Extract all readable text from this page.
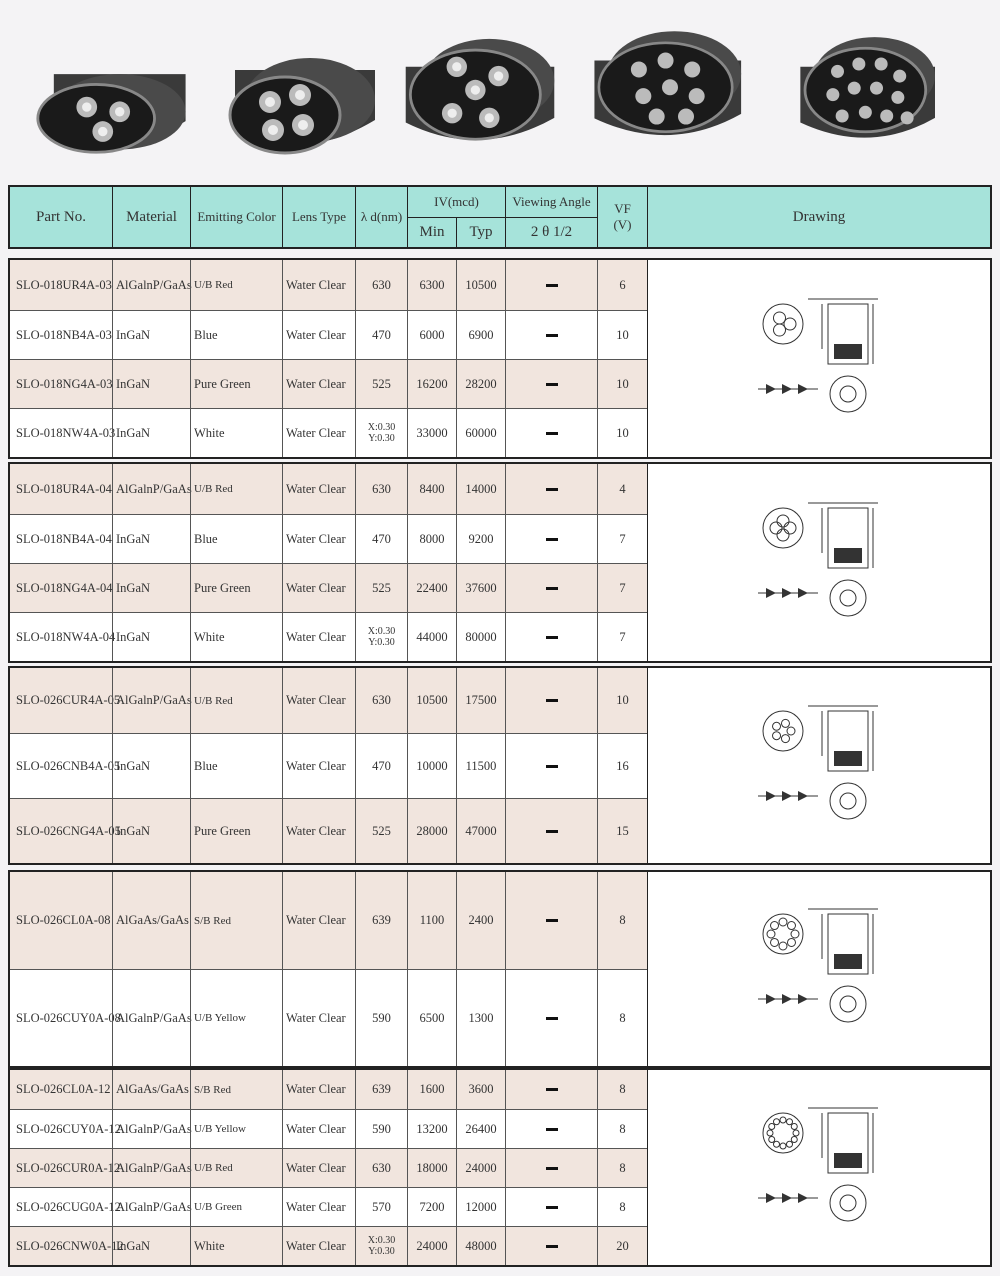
Part No.	Material	Emitting Color	Lens Type	λ d(nm)
IV(mcd)
Min	Typ
Viewing Angle
2 θ 1/2
VF
(V)	Drawing
SLO-018UR4A-03 AlGalnP/GaAs U/B Red	Water Clear	630	6300	10500	6
SLO-018NB4A-03 InGaN	Blue	Water Clear	470	6000	6900	10
SLO-018NG4A-03 InGaN	Pure Green	Water Clear	525	16200	28200	10
SLO-018NW4A-03 InGaN	White	Water Clear	X:0.30
Y:0.30	33000	60000	10
SLO-018UR4A-04 AlGalnP/GaAs U/B Red	Water Clear	630	8400	14000	4
SLO-018NB4A-04 InGaN	Blue	Water Clear	470	8000	9200	7
SLO-018NG4A-04 InGaN	Pure Green	Water Clear	525	22400	37600	7
SLO-018NW4A-04 InGaN	White	Water Clear	X:0.30
Y:0.30	44000	80000	7
SLO-026CUR4A-05
AlGalnP/GaAs U/B Red	Water Clear	630	10500	17500	10
SLO-026CNB4A-05
InGaN	Blue	Water Clear	470	10000	11500	16
SLO-026CNG4A-05
InGaN	Pure Green	Water Clear	525	28000	47000	15
SLO-026CL0A-08 AlGaAs/GaAs S/B Red	Water Clear	639	1100	2400	8
SLO-026CUY0A-08
AlGalnP/GaAs U/B Yellow	Water Clear	590	6500	1300	8
SLO-026CL0A-12 AlGaAs/GaAs S/B Red	Water Clear	639	1600	3600	8
SLO-026CUY0A-12
AlGalnP/GaAs U/B Yellow	Water Clear	590	13200	26400	8
SLO-026CUR0A-12
AlGalnP/GaAs U/B Red	Water Clear	630	18000	24000	8
SLO-026CUG0A-12
AlGalnP/GaAs U/B Green	Water Clear	570	7200	12000	8
SLO-026CNW0A-12
InGaN	White	Water Clear	X:0.30
Y:0.30	24000	48000	20
